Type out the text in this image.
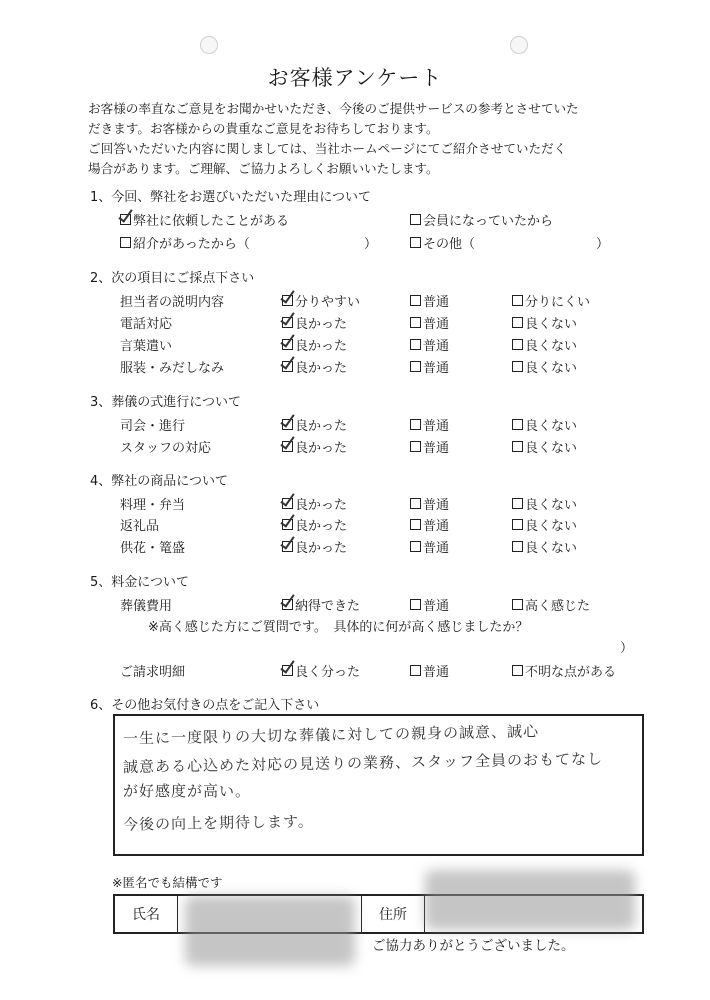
お客様アンケート
お客様の率直なご意見をお聞かせいただき、今後のご提供サービスの参考とさせていた
だきます。お客様からの貴重なご意見をお待ちしております。
ご回答いただいた内容に関しましては、当社ホームページにてご紹介させていただく
場合があります。ご理解、ご協力よろしくお願いいたします。
1、今回、弊社をお選びいただいた理由について
弊社に依頼したことがある	会員になっていたから
紹介があったから（	）	その他（	）
2、次の項目にご採点下さい
担当者の説明内容	分りやすい	普通	分りにくい
電話対応	良かった	普通	良くない
言葉遣い	良かった	普通	良くない
服装・みだしなみ	良かった	普通	良くない
3、葬儀の式進行について
司会・進行	良かった	普通	良くない
スタッフの対応	良かった	普通	良くない
4、弊社の商品について
料理・弁当	良かった	普通	良くない
返礼品	良かった	普通	良くない
供花・篭盛	良かった	普通	良くない
5、料金について
葬儀費用	納得できた	普通	高く感じた
※高く感じた方にご質問です。　具体的に何が高く感じましたか？
）
ご請求明細	良く分った	普通	不明な点がある
6、その他お気付きの点をご記入下さい
一生に一度限りの大切な葬儀に対しての親身の誠意、誠心
誠意ある心込めた対応の見送りの業務、スタッフ全員のおもてなし
が好感度が高い。
今後の向上を期待します。
※匿名でも結構です
氏名	住所
ご協力ありがとうございました。
